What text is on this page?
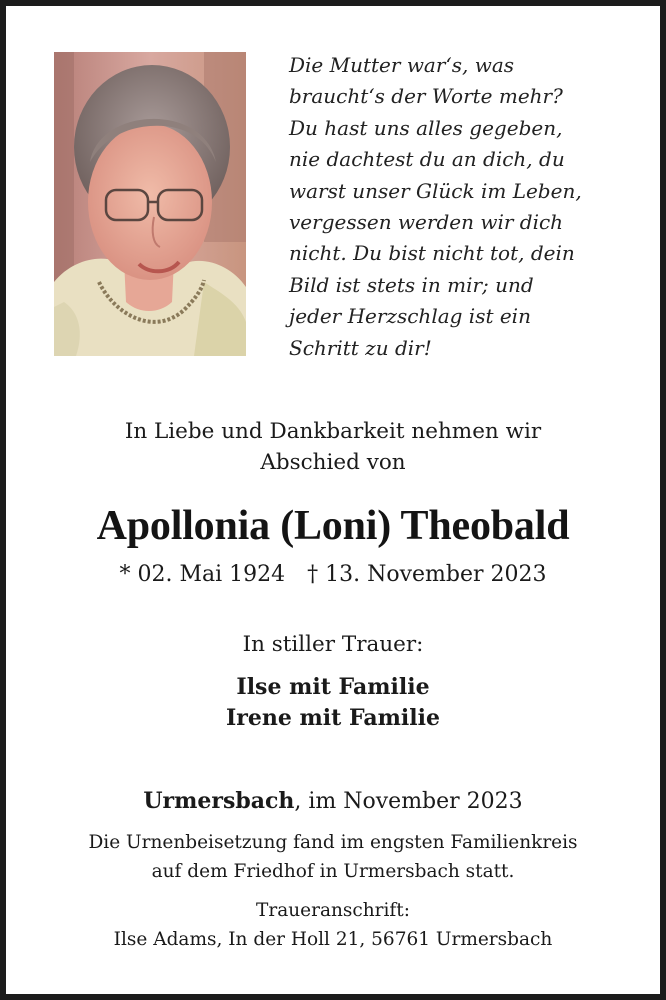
Die Mutter war‘s, was
braucht‘s der Worte mehr?
Du hast uns alles gegeben,
nie dachtest du an dich, du
warst unser Glück im Leben,
vergessen werden wir dich
nicht. Du bist nicht tot, dein
Bild ist stets in mir; und
jeder Herzschlag ist ein
Schritt zu dir!
In Liebe und Dankbarkeit nehmen wir
Abschied von
Apollonia (Loni) Theobald
* 02. Mai 1924 † 13. November 2023
In stiller Trauer:
Ilse mit Familie
Irene mit Familie
Urmersbach, im November 2023
Die Urnenbeisetzung fand im engsten Familienkreis
auf dem Friedhof in Urmersbach statt.
Traueranschrift:
Ilse Adams, In der Holl 21, 56761 Urmersbach
